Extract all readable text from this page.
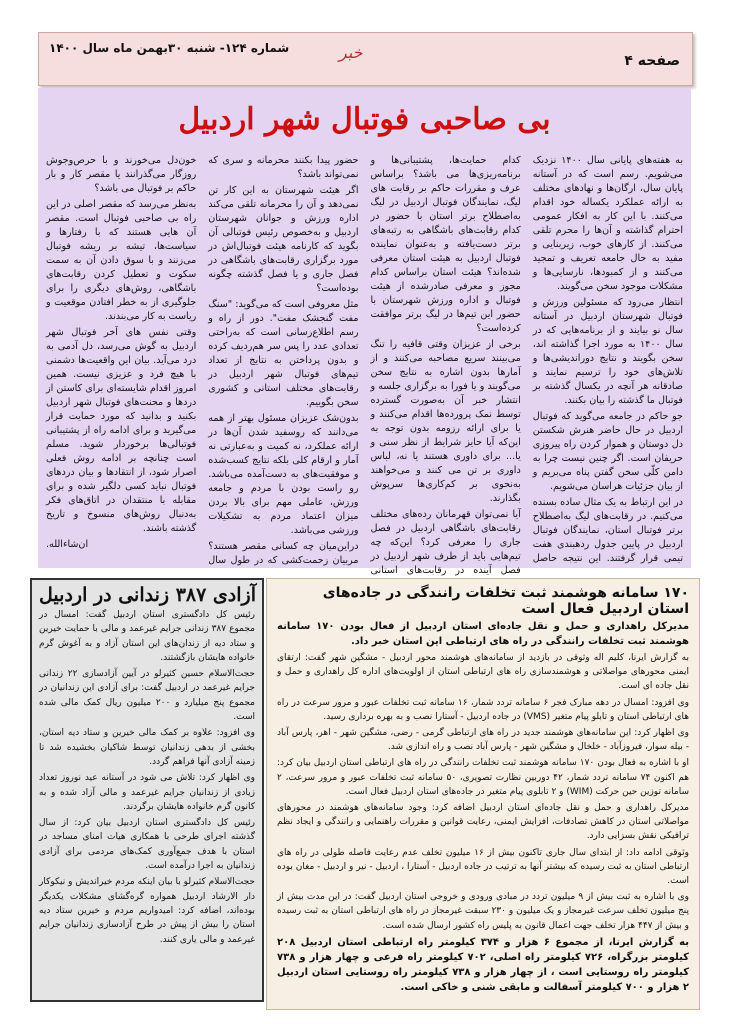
صفحه ۴
خبر
شماره ۱۲۴- شنبه ۳۰بهمن ماه سال ۱۴۰۰
بی صاحبی فوتبال شهر اردبیل

به هفته‌های پایانی سال ۱۴۰۰ نزدیک می‌شویم. رسم است که در آستانه پایان سال، ارگان‌ها و نهادهای مختلف به ارائه عملکرد یکساله خود اقدام می‌کنند. با این کار به افکار عمومی احترام گذاشته و آن‌ها را محرم تلقی می‌کنند. از کارهای خوب، زیربنایی و مفید به حال جامعه تعریف و تمجید می‌کنند و از کمبودها، نارسایی‌ها و مشکلات موجود سخن می‌گویند.

انتظار می‌رود که مسئولین ورزش و فوتبال شهرستان اردبیل در آستانه سال نو بیایند و از برنامه‌هایی که در سال ۱۴۰۰ به مورد اجرا گذاشته اند، سخن بگویند و نتایج دوراندیشی‌ها و تلاش‌های خود را ترسیم نمایند و صادقانه هر آنچه در یکسال گذشته بر فوتبال ما گذشته را بیان بکنند.

جو حاکم در جامعه می‌گوید که فوتبال اردبیل در حال حاضر هنرش شکستن دل دوستان و هموار کردن راه پیروزی حریفان است. اگر چنین نیست چرا به دامن کلّی سخن گفتن پناه می‌بریم و از بیان جزئیات هراسان می‌شویم.

در این ارتباط به یک مثال ساده بسنده می‌کنیم. در رقابت‌های لیگ به‌اصطلاح برتر فوتبال استان، نمایندگان فوتبال اردبیل در پایین جدول ردهبندی هفت تیمی قرار گرفتند. این نتیجه حاصل کدام حمایت‌ها، پشتیبانی‌ها و برنامه‌ریزی‌ها می باشد؟ براساس عرف و مقررات حاکم بر رقابت های لیگ، نمایندگان فوتبال اردبیل در لیگ به‌اصطلاح برتر استان با حضور در کدام رقابت‌های باشگاهی به رتبه‌های برتر دست‌یافته و به‌عنوان نماینده فوتبال اردبیل به هیئت استان معرفی شده‌اند؟ هیئت استان براساس کدام مجوز و معرفی صادرشده از هیئت فوتبال و اداره ورزش شهرستان با حضور این تیم‌ها در لیگ برتر موافقت کرده‌است؟

برخی از عزیزان وقتی قافیه را تنگ می‌بینند سریع مصاحبه می‌کنند و از آمارها بدون اشاره به نتایج سخن می‌گویند و یا فورا به برگزاری جلسه و انتشار خبر آن به‌صورت گسترده توسط نمک پرورده‌ها اقدام می‌کنند و یا برای ارائه رزومه بدون توجه به این‌که آیا حایز شرایط از نظر سنی و یا... برای داوری هستند یا نه، لباس داوری بر تن می کنند و می‌خواهند به‌نحوی بر کم‌کاری‌ها سرپوش بگذارند.

آیا نمی‌توان قهرمانان رده‌های مختلف رقابت‌های باشگاهی اردبیل در فصل جاری را معرفی کرد؟ این‌که چه تیم‌هایی باید از طرف شهر اردبیل در فصل آینده در رقابت‌های استانی حضور پیدا بکنند محرمانه و سری که نمی‌تواند باشد؟

اگر هیئت شهرستان به این کار تن نمی‌دهد و آن را محرمانه تلقی می‌کند اداره ورزش و جوانان شهرستان اردبیل و به‌خصوص رئیس فوتبالی آن بگوید که کارنامه هیئت فوتبال‌اش در مورد برگزاری رقابت‌های باشگاهی در فصل جاری و یا فصل گذشته چگونه بوده‌است؟

مثل معروفی است که می‌گوید: "سنگ مفت گنجشک مفت". دور از راه و رسم اطلاع‌رسانی است که به‌راحتی تعدادی عدد را پس سر هم‌ردیف کرده و بدون پرداختن به نتایج از تعداد تیم‌های فوتبال شهر اردبیل در رقابت‌های مختلف استانی و کشوری سخن بگوییم.

بدون‌شک عزیزان مسئول بهتر از همه می‌دانند که روسفید شدن آن‌ها در ارائه عملکرد، نه کمیت و به‌عبارتی نه آمار و ارقام کلی بلکه نتایج کسب‌شده و موفقیت‌های به دست‌آمده می‌باشد. رو راست بودن با مردم و جامعه ورزش، عاملی مهم برای بالا بردن میزان اعتماد مردم به تشکیلات ورزشی می‌باشد.

دراین‌میان چه کسانی مقصر هستند؟ مربیان زحمت‌کشی که در طول سال خون‌دل می‌خورند و با حرص‌وجوش روزگار می‌گذرانند یا مقصر کار و بار حاکم بر فوتبال می باشد؟

به‌نظر می‌رسد که مقصر اصلی در این راه بی صاحبی فوتبال است. مقصر آن هایی هستند که با رفتارها و سیاست‌ها، تیشه بر ریشه فوتبال می‌زنند و با سوق دادن آن به سمت سکوت و تعطیل کردن رقابت‌های باشگاهی، روش‌های دیگری را برای جلوگیری از به خطر افتادن موقعیت و ریاست به کار می‌بندند.

وقتی نفس های آخر فوتبال شهر اردبیل به گوش می‌رسد، دل آدمی به درد می‌آید. بیان این واقعیت‌ها دشمنی با هیچ فرد و عزیزی نیست. همین امروز اقدام شایسته‌ای برای کاستن از دردها و محنت‌های فوتبال شهر اردبیل بکنید و بدانید که مورد حمایت قرار می‌گیرید و برای ادامه راه از پشتیبانی فوتبالی‌ها برخوردار شوید. مسلم است چنانچه بر ادامه روش فعلی اصرار شود، از انتقادها و بیان دردهای فوتبال نباید کسی دلگیر شده و برای مقابله با منتقدان در اتاق‌های فکر به‌دنبال روش‌های منسوخ و تاریخ گذشته باشند.

ان‌شاءالله.

آزادی ۳۸۷ زندانی در اردبیل

رئیس کل دادگستری استان اردبیل گفت: امسال در مجموع ۳۸۷ زندانی جرایم غیرعمد و مالی با حمایت خیرین و ستاد دیه از زندان‌های این استان آزاد و به آغوش گرم خانواده هایشان بازگشتند.

حجت‌الاسلام حسین کثیرلو در آیین آزادسازی ۲۲ زندانی جرایم غیرعمد در اردبیل گفت: برای آزادی این زندانیان در مجموع پنج میلیارد و ۲۰۰ میلیون ریال کمک مالی شده است.

وی افزود: علاوه بر کمک مالی خیرین و ستاد دیه استان، بخشی از بدهی زندانیان توسط شاکیان بخشیده شد تا زمینه آزادی آنها فراهم گردد.

وی اظهار کرد: تلاش می شود در آستانه عید نوروز تعداد زیادی از زندانیان جرایم غیرعمد و مالی آزاد شده و به کانون گرم خانواده هایشان برگردند.

رئیس کل دادگستری استان اردبیل بیان کرد: از سال گذشته اجرای طرحی با همکاری هیات امنای مساجد در استان با هدف جمع‌آوری کمک‌های مردمی برای آزادی زندانیان به اجرا درآمده است.

حجت‌الاسلام کثیرلو با بیان اینکه مردم خیراندیش و نیکوکار دار الارشاد اردبیل همواره گره‌گشای مشکلات یکدیگر بوده‌اند، اضافه کرد: امیدواریم مردم و خیرین ستاد دیه استان را بیش از پیش در طرح آزادسازی زندانیان جرایم غیرعمد و مالی یاری کنند.

۱۷۰ سامانه هوشمند ثبت تخلفات رانندگی در جاده‌های استان اردبیل فعال است

مدیرکل راهداری و حمل و نقل جاده‌ای استان اردبیل از فعال بودن ۱۷۰ سامانه هوشمند ثبت تخلفات رانندگی در راه های ارتباطی این استان خبر داد.

به گزارش ایرنا، کلیم اله وثوقی در بازدید از سامانه‌های هوشمند محور اردبیل - مشگین شهر گفت: ارتقای ایمنی محورهای مواصلاتی و هوشمندسازی راه های ارتباطی استان از اولویت‌های اداره کل راهداری و حمل و نقل جاده ای است.

وی افزود: امسال در دهه مبارک فجر ۶ سامانه تردد شمار، ۱۶ سامانه ثبت تخلفات عبور و مرور سرعت در راه های ارتباطی استان و تابلو پیام متغیر (VMS) در جاده اردبیل - آستارا نصب و به بهره برداری رسید.

وی اظهار کرد: این سامانه‌های هوشمند جدید در راه های ارتباطی گرمی - رضی، مشگین شهر - اهر، پارس آباد - بیله سوار، فیروزآباد - خلخال و مشگین شهر - پارس آباد نصب و راه اندازی شد.

او با اشاره به فعال بودن ۱۷۰ سامانه هوشمند ثبت تخلفات رانندگی در راه های ارتباطی استان اردبیل بیان کرد: هم اکنون ۷۴ سامانه تردد شمار، ۴۲ دوربین نظارت تصویری، ۵۰ سامانه ثبت تخلفات عبور و مرور سرعت، ۲ سامانه توزین حین حرکت (WIM) و ۲ تابلوی پیام متغیر در جاده‌های استان اردبیل فعال است.

مدیرکل راهداری و حمل و نقل جاده‌ای استان اردبیل اضافه کرد: وجود سامانه‌های هوشمند در محورهای مواصلاتی استان در کاهش تصادفات، افزایش ایمنی، رعایت قوانین و مقررات راهنمایی و رانندگی و ایجاد نظم ترافیکی نقش بسزایی دارد.

وثوقی ادامه داد: از ابتدای سال جاری تاکنون بیش از ۱۶ میلیون تخلف عدم رعایت فاصله طولی در راه های ارتباطی استان به ثبت رسیده که بیشتر آنها به ترتیب در جاده اردبیل - آستارا ، اردبیل - نیر و اردبیل - مغان بوده است.

وی با اشاره به ثبت بیش از ۹ میلیون تردد در مبادی ورودی و خروجی استان اردبیل گفت: در این مدت بیش از پنج میلیون تخلف سرعت غیرمجاز و یک میلیون و ۲۳۰ سبقت غیرمجاز در راه های ارتباطی استان به ثبت رسیده و بیش از ۴۴۷ هزار تخلف جهت اعمال قانون به پلیس راه کشور ارسال شده است.

به گزارش ایرنا، از مجموع ۶ هزار و ۳۷۴ کیلومتر راه ارتباطی استان اردبیل ۲۰۸ کیلومتر بزرگراه، ۷۲۶ کیلومتر راه اصلی، ۷۰۲ کیلومتر راه فرعی و چهار هزار و ۷۳۸ کیلومتر راه روستایی است ، از چهار هزار و ۷۳۸ کیلومتر راه روستایی استان اردبیل ۲ هزار و ۷۰۰ کیلومتر آسفالت و مابقی شنی و خاکی است.
